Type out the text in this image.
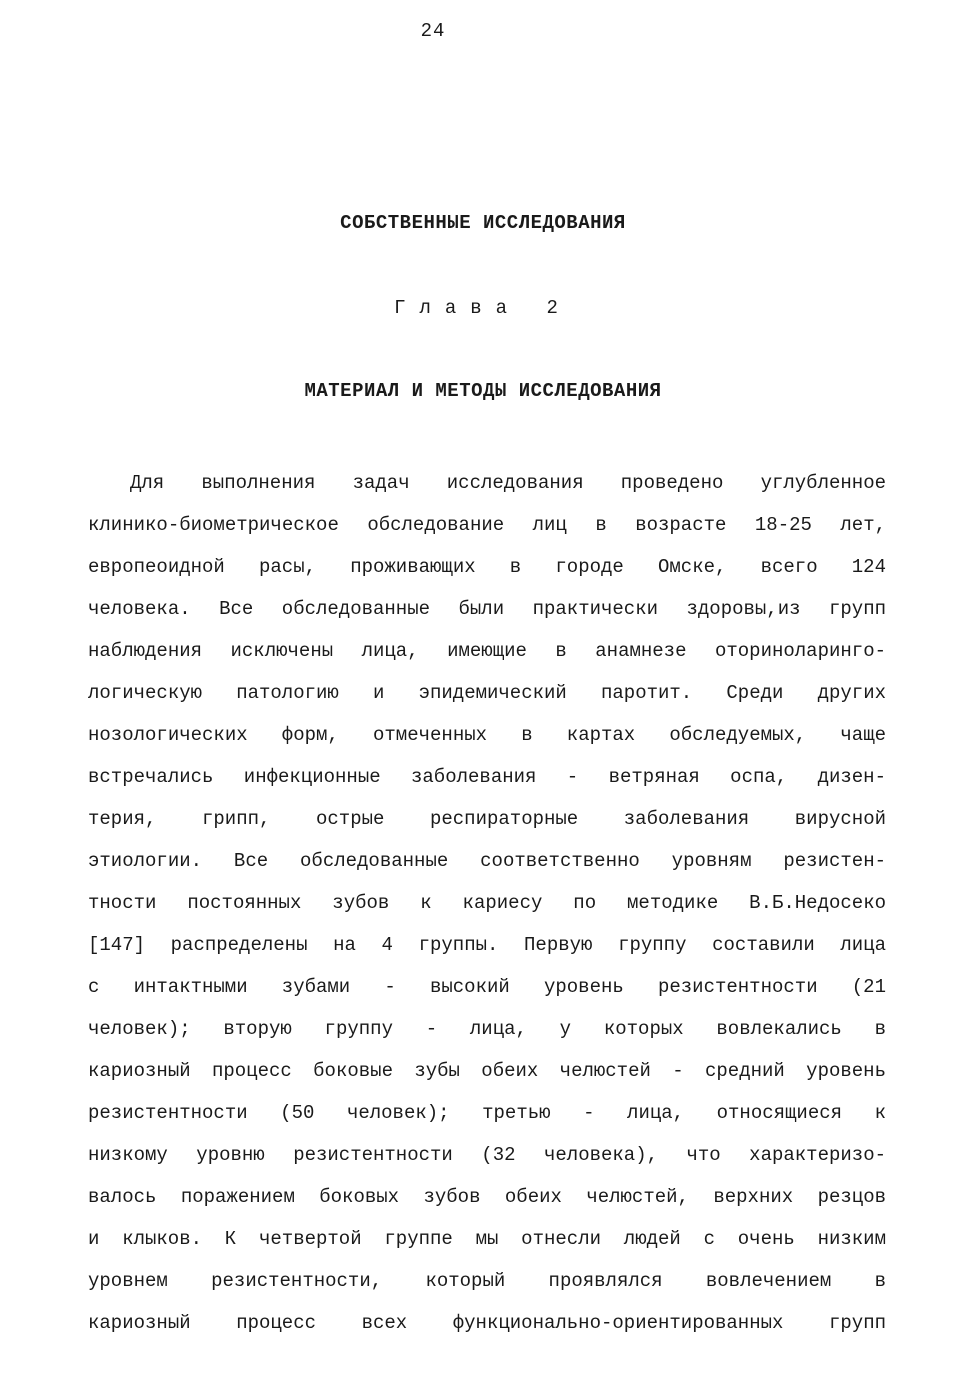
24
СОБСТВЕННЫЕ ИССЛЕДОВАНИЯ
Глава 2
МАТЕРИАЛ И МЕТОДЫ ИССЛЕДОВАНИЯ
Для выполнения задач исследования проведено углубленное
клинико-биометрическое обследование лиц в возрасте 18-25 лет,
европеоидной расы, проживающих в городе Омске, всего 124
человека. Все обследованные были практически здоровы,из групп
наблюдения исключены лица, имеющие в анамнезе оториноларинго-
логическую патологию и эпидемический паротит. Среди других
нозологических форм, отмеченных в картах обследуемых, чаще
встречались инфекционные заболевания - ветряная оспа, дизен-
терия, грипп, острые респираторные заболевания вирусной
этиологии. Все обследованные соответственно уровням резистен-
тности постоянных зубов к кариесу по методике В.Б.Недосеко
[147] распределены на 4 группы. Первую группу составили лица
с интактными зубами - высокий уровень резистентности (21
человек); вторую группу - лица, у которых вовлекались в
кариозный процесс боковые зубы обеих челюстей - средний уровень
резистентности (50 человек); третью - лица, относящиеся к
низкому уровню резистентности (32 человека), что характеризо-
валось поражением боковых зубов обеих челюстей, верхних резцов
и клыков. К четвертой группе мы отнесли людей с очень низким
уровнем резистентности, который проявлялся вовлечением в
кариозный процесс всех функционально-ориентированных групп
